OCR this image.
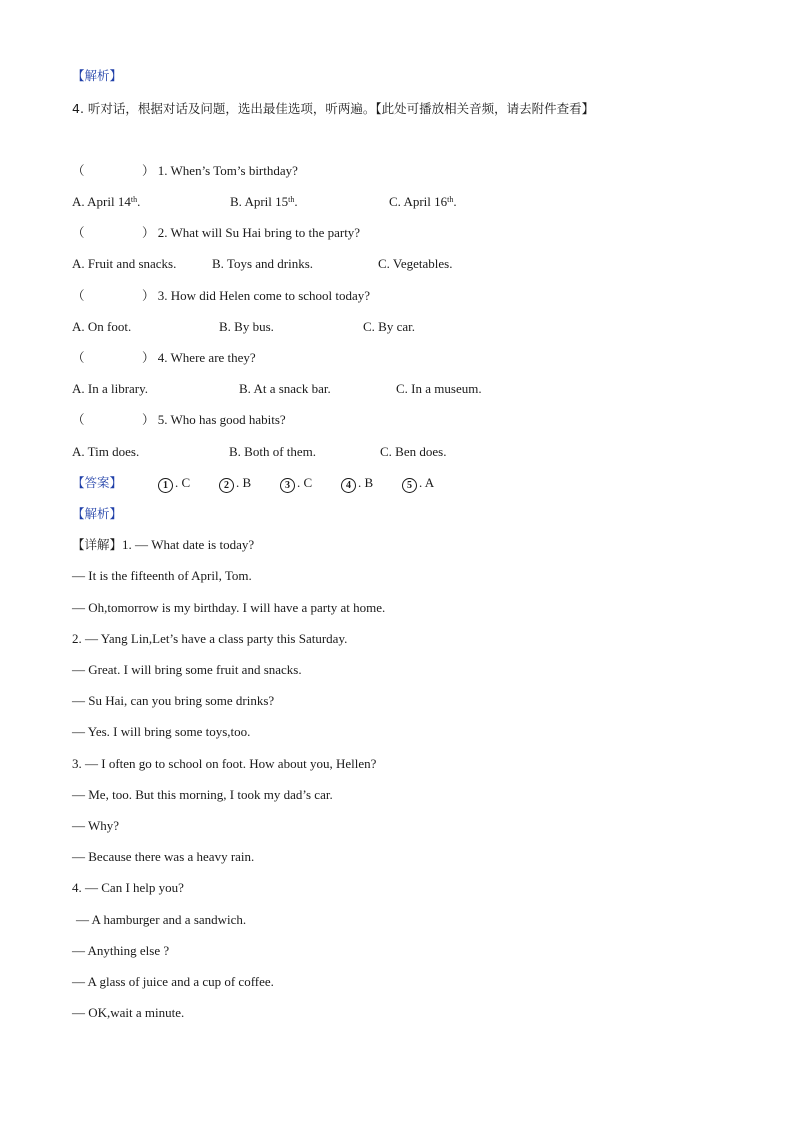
【解析】
4. 听对话，根据对话及问题，选出最佳选项，听两遍。【此处可播放相关音频，请去附件查看】
（	） 1. When’s Tom’s birthday?
A. April 14th.	B. April 15th.	C. April 16th.
（	） 2. What will Su Hai bring to the party?
A. Fruit and snacks.	B. Toys and drinks.	C. Vegetables.
（	） 3. How did Helen come to school today?
A. On foot.	B. By bus.	C. By car.
（	） 4. Where are they?
A. In a library.	B. At a snack bar.	C. In a museum.
（	） 5. Who has good habits?
A. Tim does.	B. Both of them.	C. Ben does.
【答案】	1 . C	2 . B	3 . C	4 . B	5 . A
【解析】
【详解】1. — What date is today?
— It is the fifteenth of April, Tom.
— Oh,tomorrow is my birthday. I will have a party at home.
2. — Yang Lin,Let’s have a class party this Saturday.
— Great. I will bring some fruit and snacks.
— Su Hai, can you bring some drinks?
— Yes. I will bring some toys,too.
3. — I often go to school on foot. How about you, Hellen?
— Me, too. But this morning, I took my dad’s car.
— Why?
— Because there was a heavy rain.
4. — Can I help you?
— A hamburger and a sandwich.
— Anything else ?
— A glass of juice and a cup of coffee.
— OK,wait a minute.
